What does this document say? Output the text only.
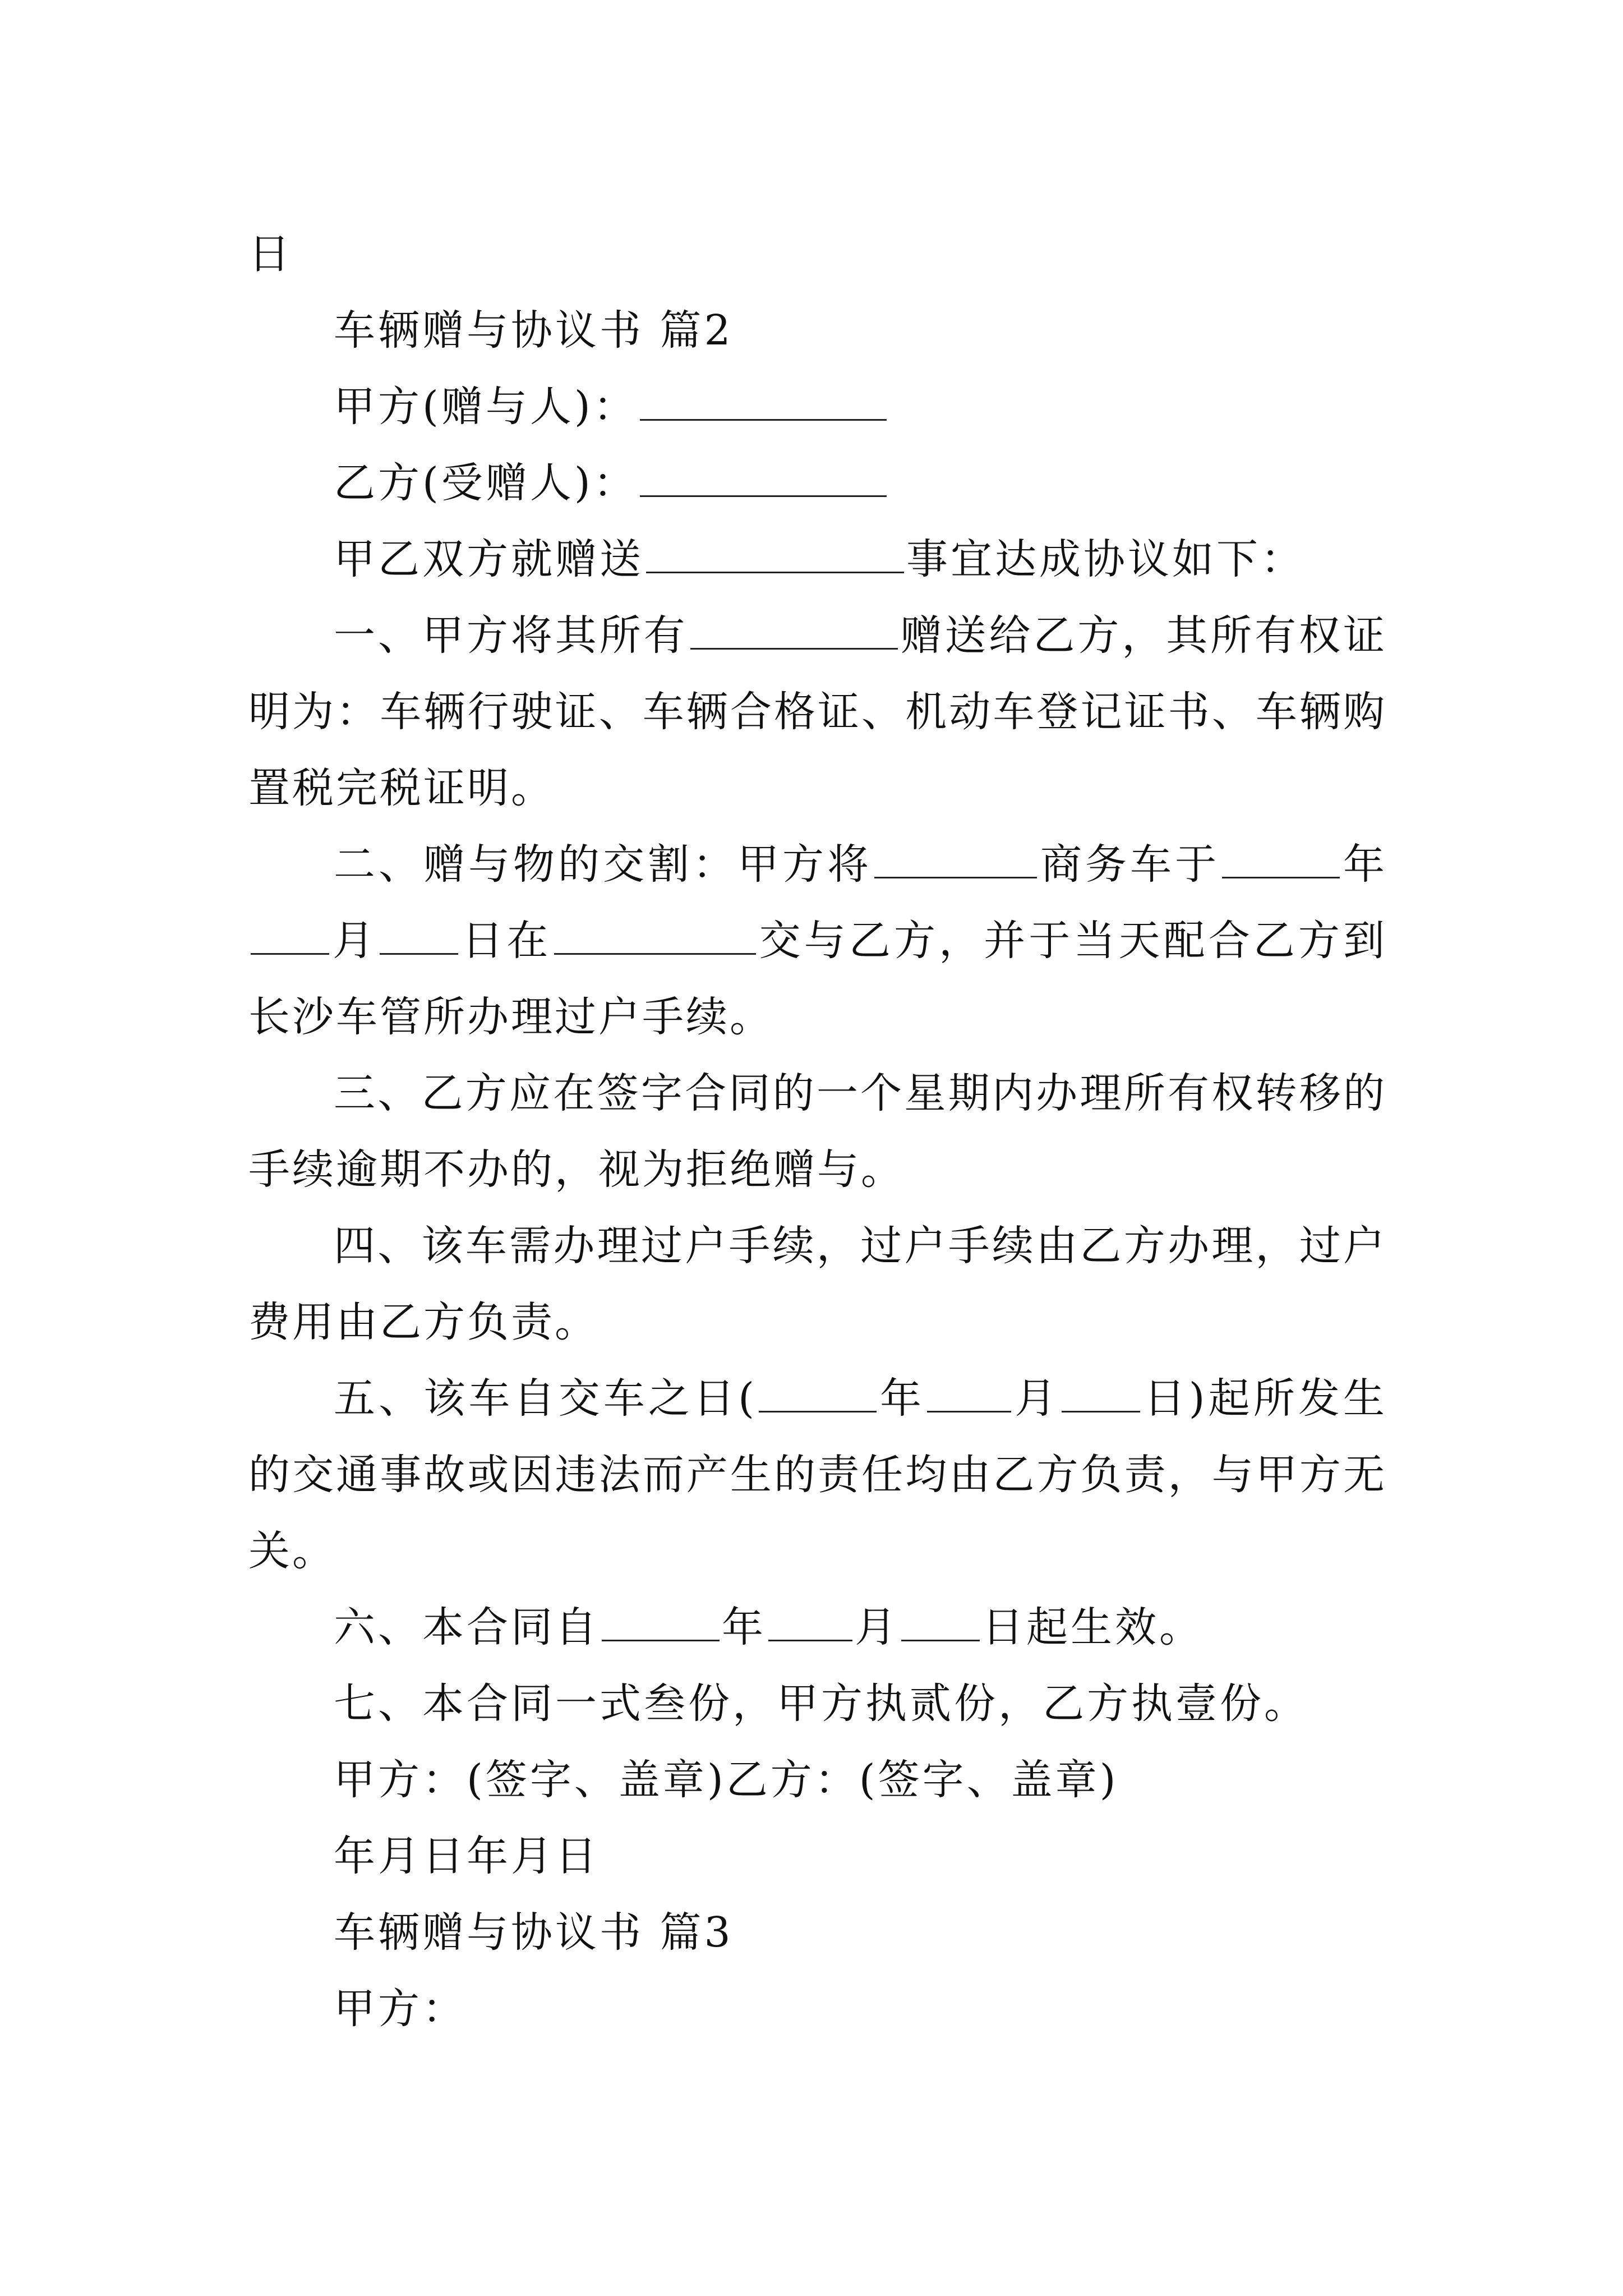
日
车辆赠与协议书 篇2
甲方(赠与人)：
乙方(受赠人)：
甲乙双方就赠送	事宜达成协议如下：
一、甲方将其所有	赠送给乙方，其所有权证明为：车辆行驶证、车辆合格证、机动车登记证书、车辆购置税完税证明。
二、赠与物的交割：甲方将	商务车于	年月 日在	交与乙方，并于当天配合乙方到长沙车管所办理过户手续。
三、乙方应在签字合同的一个星期内办理所有权转移的手续逾期不办的，视为拒绝赠与。
四、该车需办理过户手续，过户手续由乙方办理，过户费用由乙方负责。
五、该车自交车之日(	年 月 日)起所发生的交通事故或因违法而产生的责任均由乙方负责，与甲方无关。
六、本合同自	年 月 日起生效。
七、本合同一式叁份，甲方执贰份，乙方执壹份。
甲方：(签字、盖章)乙方：(签字、盖章)
年月日年月日
车辆赠与协议书 篇3
甲方：
